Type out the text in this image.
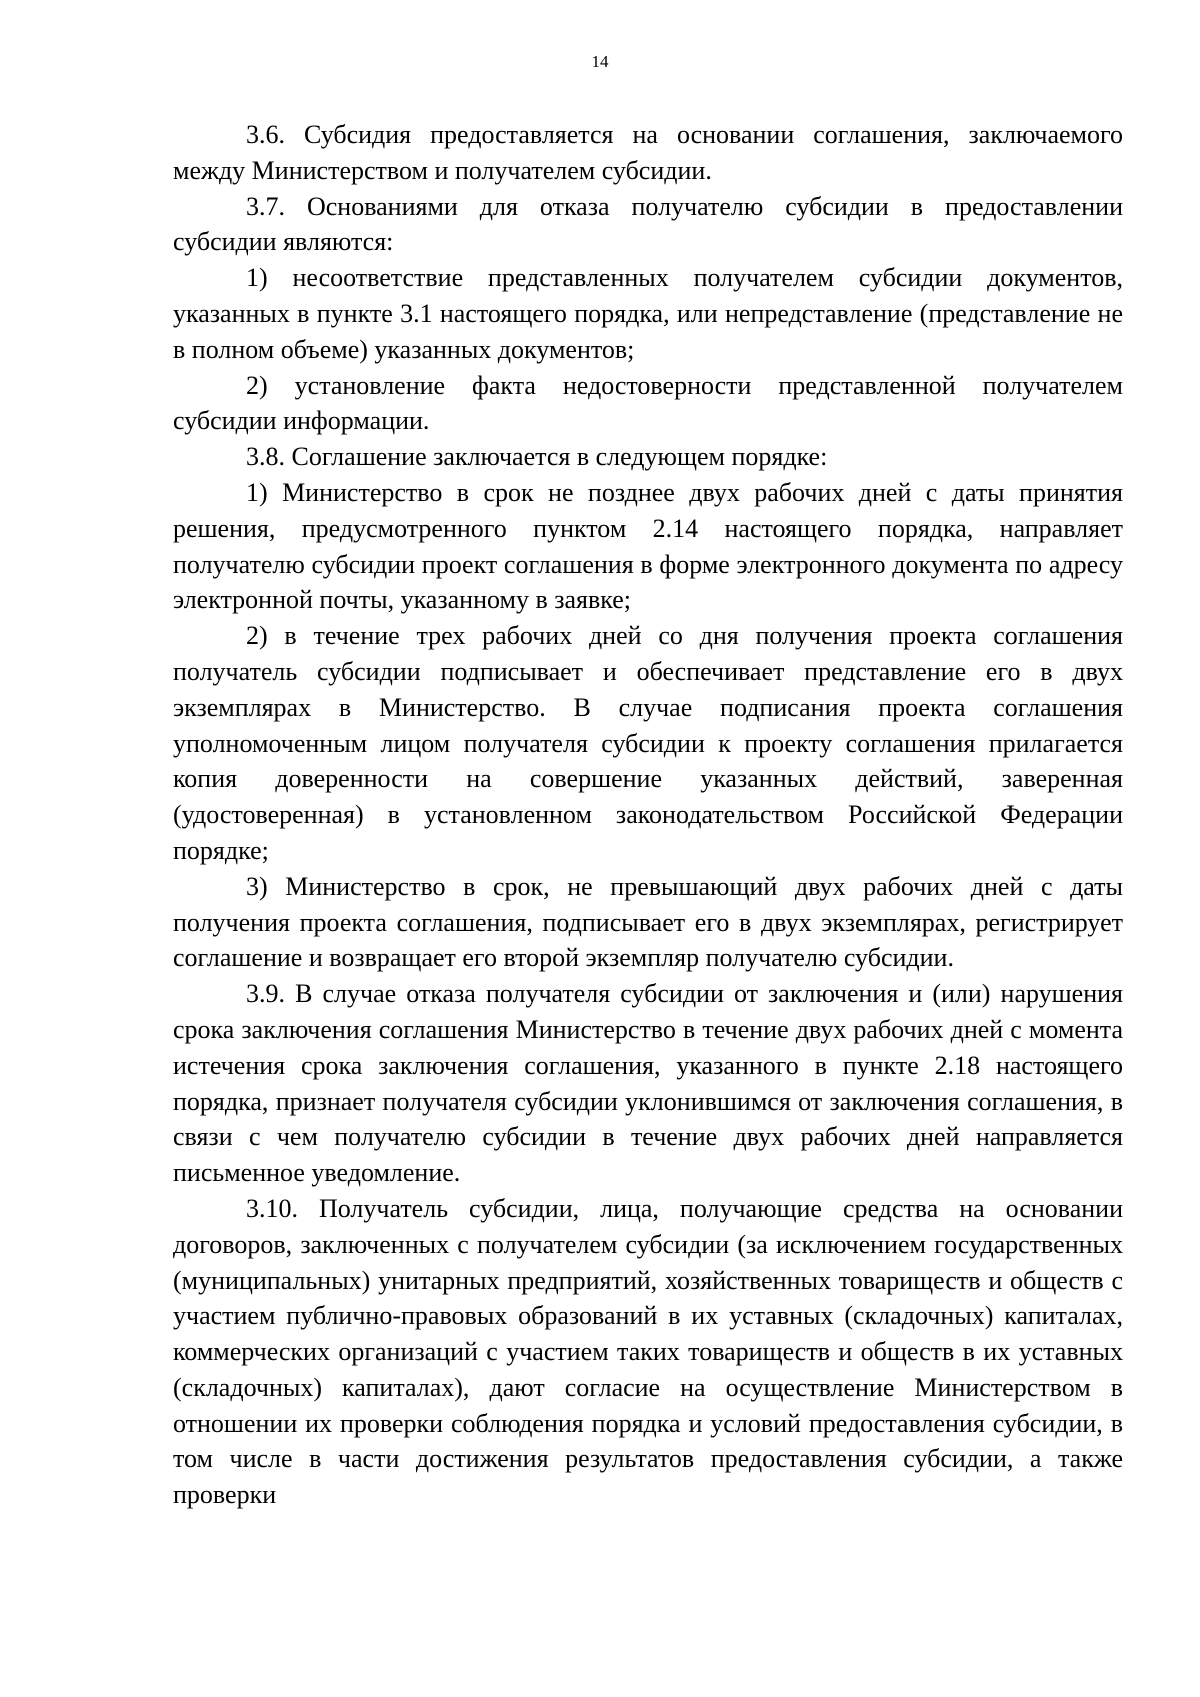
14

3.6. Субсидия предоставляется на основании соглашения, заключаемого между Министерством и получателем субсидии.

3.7. Основаниями для отказа получателю субсидии в предоставлении субсидии являются:

1) несоответствие представленных получателем субсидии документов, указанных в пункте 3.1 настоящего порядка, или непредставление (представление не в полном объеме) указанных документов;

2) установление факта недостоверности представленной получателем субсидии информации.

3.8. Соглашение заключается в следующем порядке:

1) Министерство в срок не позднее двух рабочих дней с даты принятия решения, предусмотренного пунктом 2.14 настоящего порядка, направляет получателю субсидии проект соглашения в форме электронного документа по адресу электронной почты, указанному в заявке;

2) в течение трех рабочих дней со дня получения проекта соглашения получатель субсидии подписывает и обеспечивает представление его в двух экземплярах в Министерство. В случае подписания проекта соглашения уполномоченным лицом получателя субсидии к проекту соглашения прилагается копия доверенности на совершение указанных действий, заверенная (удостоверенная) в установленном законодательством Российской Федерации порядке;

3) Министерство в срок, не превышающий двух рабочих дней с даты получения проекта соглашения, подписывает его в двух экземплярах, регистрирует соглашение и возвращает его второй экземпляр получателю субсидии.

3.9. В случае отказа получателя субсидии от заключения и (или) нарушения срока заключения соглашения Министерство в течение двух рабочих дней с момента истечения срока заключения соглашения, указанного в пункте 2.18 настоящего порядка, признает получателя субсидии уклонившимся от заключения соглашения, в связи с чем получателю субсидии в течение двух рабочих дней направляется письменное уведомление.

3.10. Получатель субсидии, лица, получающие средства на основании договоров, заключенных с получателем субсидии (за исключением государственных (муниципальных) унитарных предприятий, хозяйственных товариществ и обществ с участием публично-правовых образований в их уставных (складочных) капиталах, коммерческих организаций с участием таких товариществ и обществ в их уставных (складочных) капиталах), дают согласие на осуществление Министерством в отношении их проверки соблюдения порядка и условий предоставления субсидии, в том числе в части достижения результатов предоставления субсидии, а также проверки
